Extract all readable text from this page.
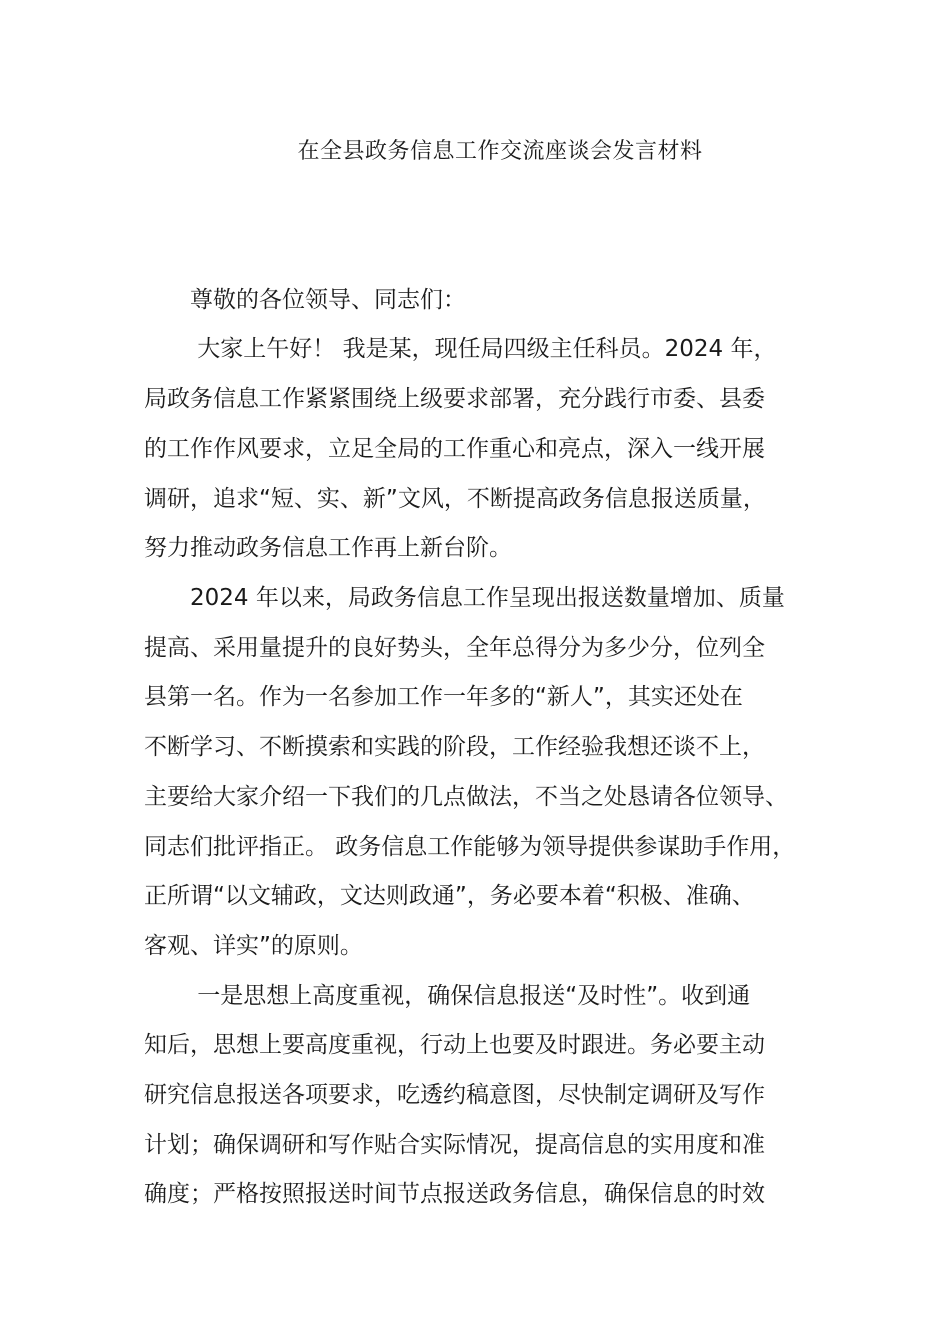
在全县政务信息工作交流座谈会发言材料
　　尊敬的各位领导、同志们：
　　 大家上午好！ 我是某，现任局四级主任科员。2024 年，
局政务信息工作紧紧围绕上级要求部署，充分践行市委、县委
的工作作风要求，立足全局的工作重心和亮点，深入一线开展
调研，追求“短、实、新”文风，不断提高政务信息报送质量，
努力推动政务信息工作再上新台阶。
　　2024 年以来，局政务信息工作呈现出报送数量增加、质量
提高、采用量提升的良好势头，全年总得分为多少分，位列全
县第一名。作为一名参加工作一年多的“新人”，其实还处在
不断学习、不断摸索和实践的阶段，工作经验我想还谈不上，
主要给大家介绍一下我们的几点做法，不当之处恳请各位领导、
同志们批评指正。 政务信息工作能够为领导提供参谋助手作用，
正所谓“以文辅政，文达则政通”，务必要本着“积极、准确、
客观、详实”的原则。
　　 一是思想上高度重视，确保信息报送“及时性”。收到通
知后，思想上要高度重视，行动上也要及时跟进。务必要主动
研究信息报送各项要求，吃透约稿意图，尽快制定调研及写作
计划；确保调研和写作贴合实际情况，提高信息的实用度和准
确度；严格按照报送时间节点报送政务信息，确保信息的时效
